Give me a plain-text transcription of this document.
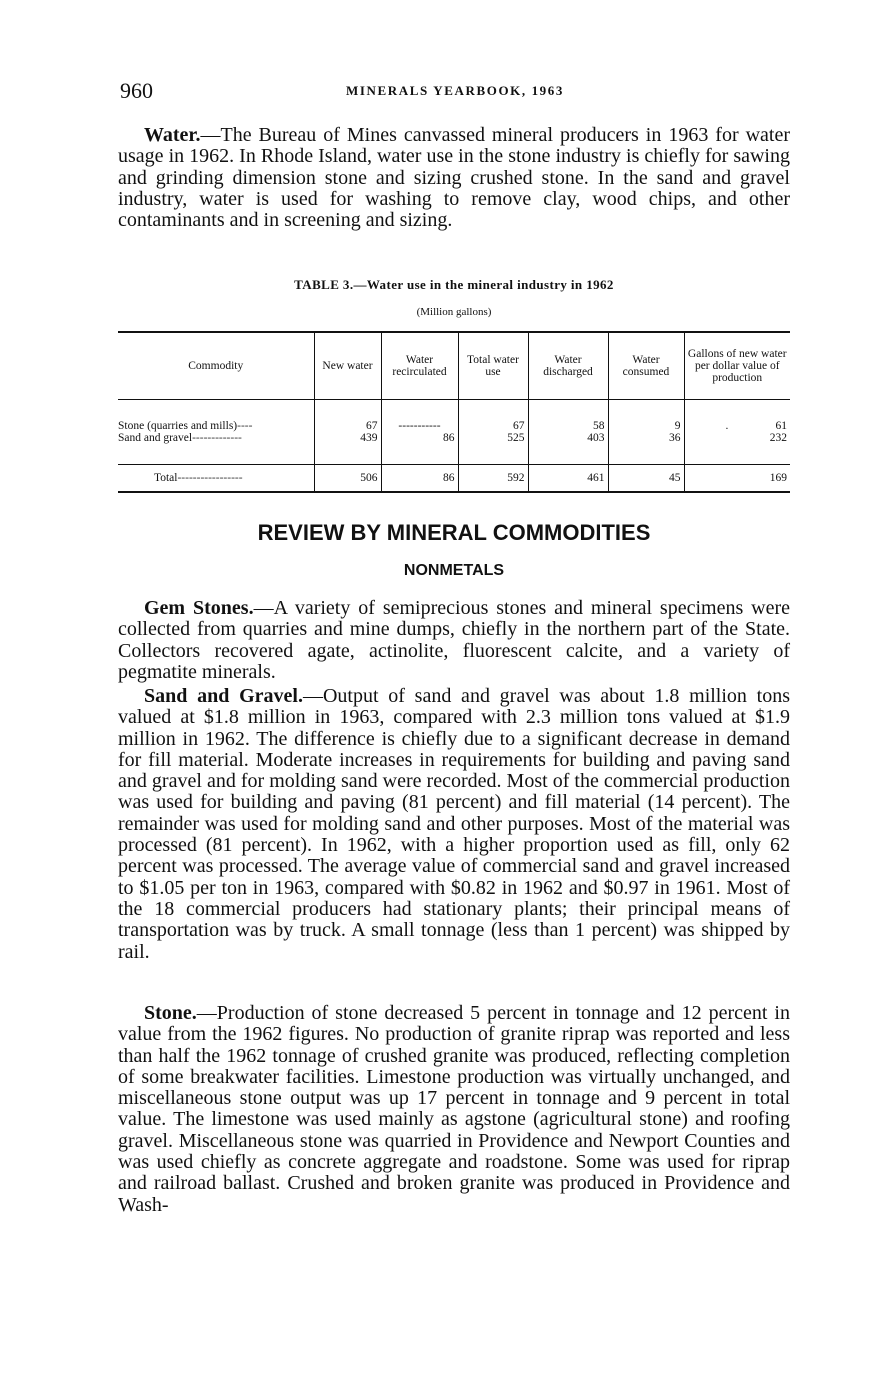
960	MINERALS YEARBOOK, 1963

Water.—The Bureau of Mines canvassed mineral producers in 1963 for water usage in 1962. In Rhode Island, water use in the stone industry is chiefly for sawing and grinding dimension stone and sizing crushed stone. In the sand and gravel industry, water is used for washing to remove clay, wood chips, and other contaminants and in screening and sizing.

TABLE 3.—Water use in the mineral industry in 1962
(Million gallons)
Commodity	New water	Water recirculated	Total water use	Water discharged	Water consumed	Gallons of new water per dollar value of production

Stone (quarries and mills)----	67	-----------	67	58	9	. 61
Sand and gravel-------------	439	86	525	403	36	232

Total-----------------	506	86	592	461	45	169
REVIEW BY MINERAL COMMODITIES
NONMETALS

Gem Stones.—A variety of semiprecious stones and mineral specimens were collected from quarries and mine dumps, chiefly in the northern part of the State. Collectors recovered agate, actinolite, fluorescent calcite, and a variety of pegmatite minerals.

Sand and Gravel.—Output of sand and gravel was about 1.8 million tons valued at $1.8 million in 1963, compared with 2.3 million tons valued at $1.9 million in 1962. The difference is chiefly due to a significant decrease in demand for fill material. Moderate increases in requirements for building and paving sand and gravel and for molding sand were recorded. Most of the commercial production was used for building and paving (81 percent) and fill material (14 percent). The remainder was used for molding sand and other purposes. Most of the material was processed (81 percent). In 1962, with a higher proportion used as fill, only 62 percent was processed. The average value of commercial sand and gravel increased to $1.05 per ton in 1963, compared with $0.82 in 1962 and $0.97 in 1961. Most of the 18 commercial producers had stationary plants; their principal means of transportation was by truck. A small tonnage (less than 1 percent) was shipped by rail.

Stone.—Production of stone decreased 5 percent in tonnage and 12 percent in value from the 1962 figures. No production of granite riprap was reported and less than half the 1962 tonnage of crushed granite was produced, reflecting completion of some breakwater facilities. Limestone production was virtually unchanged, and miscellaneous stone output was up 17 percent in tonnage and 9 percent in total value. The limestone was used mainly as agstone (agricultural stone) and roofing gravel. Miscellaneous stone was quarried in Providence and Newport Counties and was used chiefly as concrete aggregate and roadstone. Some was used for riprap and railroad ballast. Crushed and broken granite was produced in Providence and Wash-
